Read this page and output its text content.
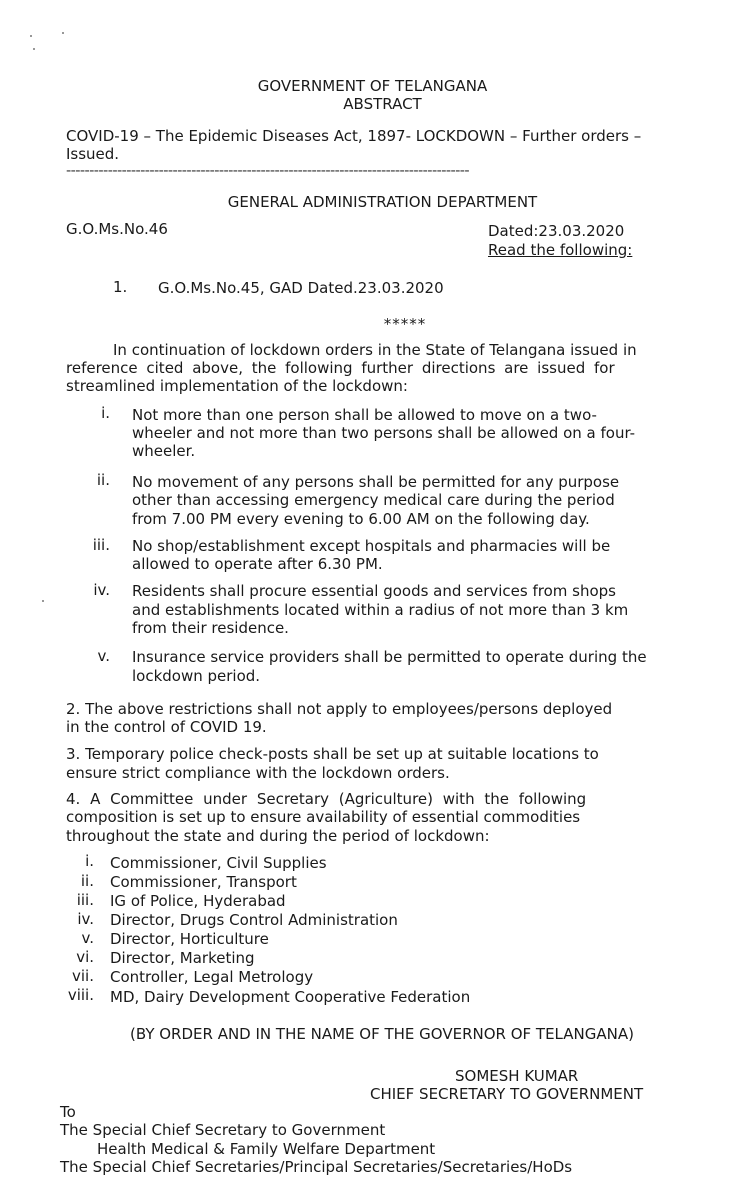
GOVERNMENT OF TELANGANA
ABSTRACT
COVID-19 – The Epidemic Diseases Act, 1897- LOCKDOWN – Further orders –
Issued.
---------------------------------------------------------------------------------------
GENERAL ADMINISTRATION DEPARTMENT
G.O.Ms.No.46	Dated:23.03.2020
Read the following:
1. G.O.Ms.No.45, GAD Dated.23.03.2020
*****
In continuation of lockdown orders in the State of Telangana issued in
reference cited above, the following further directions are issued for
streamlined implementation of the lockdown:
i. Not more than one person shall be allowed to move on a two-
wheeler and not more than two persons shall be allowed on a four-
wheeler.
ii. No movement of any persons shall be permitted for any purpose
other than accessing emergency medical care during the period
from 7.00 PM every evening to 6.00 AM on the following day.
iii. No shop/establishment except hospitals and pharmacies will be
allowed to operate after 6.30 PM.
iv. Residents shall procure essential goods and services from shops
and establishments located within a radius of not more than 3 km
from their residence.
v. Insurance service providers shall be permitted to operate during the
lockdown period.
2. The above restrictions shall not apply to employees/persons deployed
in the control of COVID 19.
3. Temporary police check-posts shall be set up at suitable locations to
ensure strict compliance with the lockdown orders.
4. A Committee under Secretary (Agriculture) with the following
composition is set up to ensure availability of essential commodities
throughout the state and during the period of lockdown:
i. Commissioner, Civil Supplies
ii. Commissioner, Transport
iii. IG of Police, Hyderabad
iv. Director, Drugs Control Administration
v. Director, Horticulture
vi. Director, Marketing
vii. Controller, Legal Metrology
viii. MD, Dairy Development Cooperative Federation
(BY ORDER AND IN THE NAME OF THE GOVERNOR OF TELANGANA)
SOMESH KUMAR
CHIEF SECRETARY TO GOVERNMENT
To
The Special Chief Secretary to Government
Health Medical & Family Welfare Department
The Special Chief Secretaries/Principal Secretaries/Secretaries/HoDs
